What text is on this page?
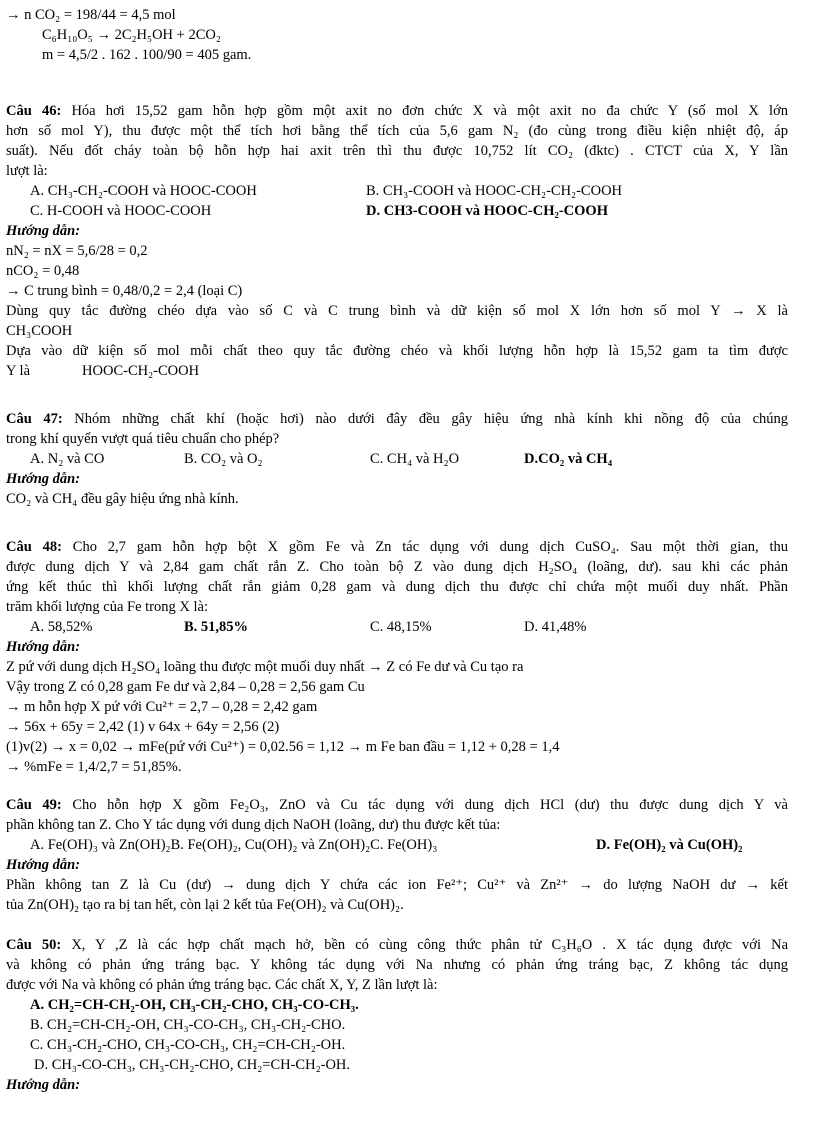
→ n CO₂ = 198/44 = 4,5 mol
C₆H₁₀O₅ → 2C₂H₅OH + 2CO₂
m = 4,5/2 . 162 . 100/90 = 405 gam.
Câu 46: Hóa hơi 15,52 gam hỗn hợp gồm một axit no đơn chức X và một axit no đa chức Y (số mol X lớn
hơn số mol Y), thu được một thể tích hơi bằng thể tích của 5,6 gam N₂ (đo cùng trong điều kiện nhiệt độ, áp
suất). Nếu đốt cháy toàn bộ hỗn hợp hai axit trên thì thu được 10,752 lít CO₂ (đktc) . CTCT của X, Y lần
lượt là:
A. CH₃-CH₂-COOH và HOOC-COOH	B. CH₃-COOH và HOOC-CH₂-CH₂-COOH
C. H-COOH và HOOC-COOH	D. CH3-COOH và HOOC-CH₂-COOH
Hướng dẫn:
nN₂ = nX = 5,6/28 = 0,2
nCO₂ = 0,48
→ C trung bình = 0,48/0,2 = 2,4 (loại C)
Dùng quy tắc đường chéo dựa vào số C và C trung bình và dữ kiện số mol X lớn hơn số mol Y → X là
CH₃COOH
Dựa vào dữ kiện số mol mỗi chất theo quy tắc đường chéo và khối lượng hỗn hợp là 15,52 gam ta tìm được
Y là	HOOC-CH₂-COOH
Câu 47: Nhóm những chất khí (hoặc hơi) nào dưới đây đều gây hiệu ứng nhà kính khi nồng độ của chúng
trong khí quyển vượt quá tiêu chuẩn cho phép?
A. N₂ và CO	B. CO₂ và O₂	C. CH₄ và H₂O	D.CO₂ và CH₄
Hướng dẫn:
CO₂ và CH₄ đều gây hiệu ứng nhà kính.
Câu 48: Cho 2,7 gam hỗn hợp bột X gồm Fe và Zn tác dụng với dung dịch CuSO₄. Sau một thời gian, thu
được dung dịch Y và 2,84 gam chất rắn Z. Cho toàn bộ Z vào dung dịch H₂SO₄ (loãng, dư). sau khi các phản
ứng kết thúc thì khối lượng chất rắn giảm 0,28 gam và dung dịch thu được chỉ chứa một muối duy nhất. Phần
trăm khối lượng của Fe trong X là:
A. 58,52%	B. 51,85%	C. 48,15%	D. 41,48%
Hướng dẫn:
Z pứ với dung dịch H₂SO₄ loãng thu được một muối duy nhất → Z có Fe dư và Cu tạo ra
Vậy trong Z có 0,28 gam Fe dư và 2,84 – 0,28 = 2,56 gam Cu
→ m hỗn hợp X pứ với Cu²⁺ = 2,7 – 0,28 = 2,42 gam
→ 56x + 65y = 2,42 (1) v 64x + 64y = 2,56 (2)
(1)v(2) → x = 0,02 → mFe(pứ với Cu²⁺) = 0,02.56 = 1,12 → m Fe ban đầu = 1,12 + 0,28 = 1,4
→ %mFe = 1,4/2,7 = 51,85%.
Câu 49: Cho hỗn hợp X gồm Fe₂O₃, ZnO và Cu tác dụng với dung dịch HCl (dư) thu được dung dịch Y và
phần không tan Z. Cho Y tác dụng với dung dịch NaOH (loãng, dư) thu được kết tủa:
A. Fe(OH)₃ và Zn(OH)₂B. Fe(OH)₂, Cu(OH)₂ và Zn(OH)₂C. Fe(OH)₃	D. Fe(OH)₂ và Cu(OH)₂
Hướng dẫn:
Phần không tan Z là Cu (dư) → dung dịch Y chứa các ion Fe²⁺; Cu²⁺ và Zn²⁺ → do lượng NaOH dư → kết
tủa Zn(OH)₂ tạo ra bị tan hết, còn lại 2 kết tủa Fe(OH)₂ và Cu(OH)₂.
Câu 50: X, Y ,Z là các hợp chất mạch hở, bền có cùng công thức phân tử C₃H₆O . X tác dụng được với Na
và không có phản ứng tráng bạc. Y không tác dụng với Na nhưng có phản ứng tráng bạc, Z không tác dụng
được với Na và không có phản ứng tráng bạc. Các chất X, Y, Z lần lượt là:
A. CH₂=CH-CH₂-OH, CH₃-CH₂-CHO, CH₃-CO-CH₃.
B. CH₂=CH-CH₂-OH, CH₃-CO-CH₃, CH₃-CH₂-CHO.
C. CH₃-CH₂-CHO, CH₃-CO-CH₃, CH₂=CH-CH₂-OH.
D. CH₃-CO-CH₃, CH₃-CH₂-CHO, CH₂=CH-CH₂-OH.
Hướng dẫn:
